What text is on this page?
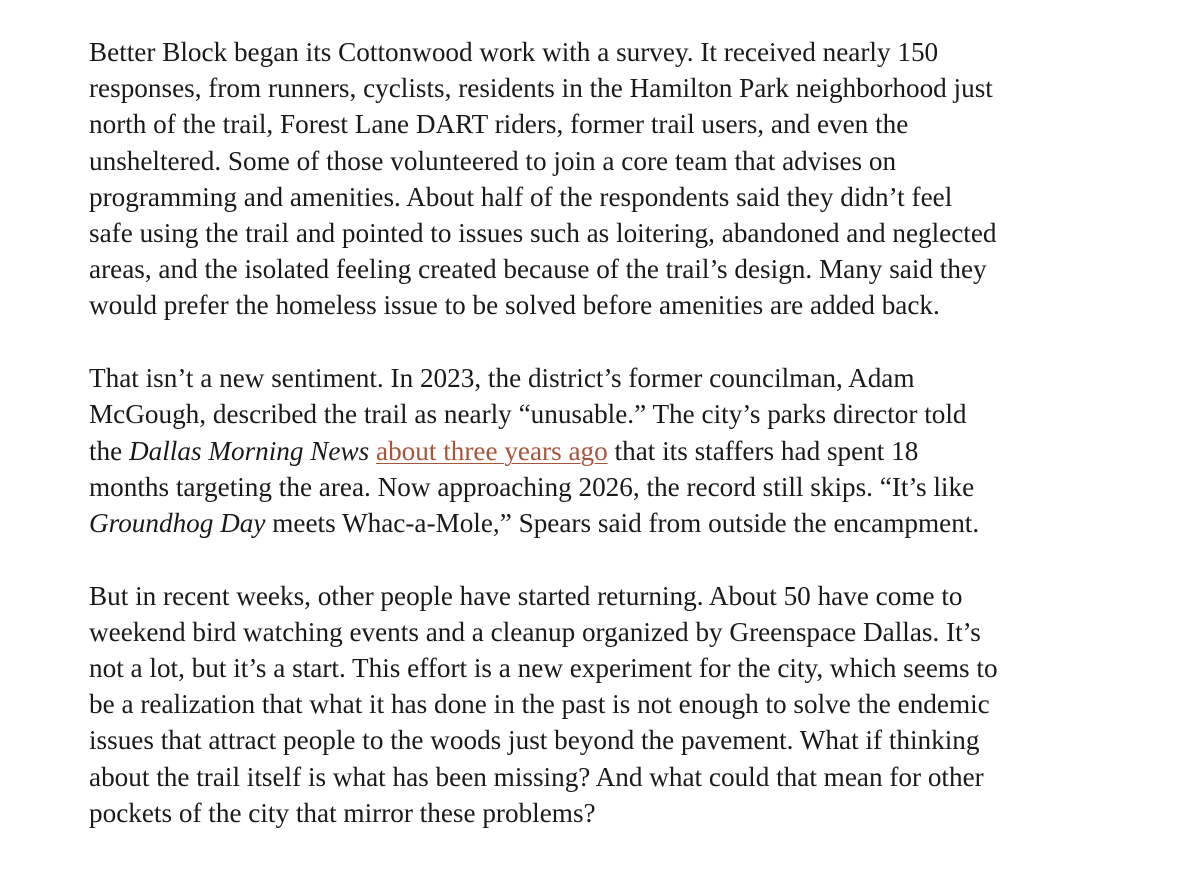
Better Block began its Cottonwood work with a survey. It received nearly 150
responses, from runners, cyclists, residents in the Hamilton Park neighborhood just
north of the trail, Forest Lane DART riders, former trail users, and even the
unsheltered. Some of those volunteered to join a core team that advises on
programming and amenities. About half of the respondents said they didn’t feel
safe using the trail and pointed to issues such as loitering, abandoned and neglected
areas, and the isolated feeling created because of the trail’s design. Many said they
would prefer the homeless issue to be solved before amenities are added back.

That isn’t a new sentiment. In 2023, the district’s former councilman, Adam
McGough, described the trail as nearly “unusable.” The city’s parks director told
the Dallas Morning News about three years ago that its staffers had spent 18
months targeting the area. Now approaching 2026, the record still skips. “It’s like
Groundhog Day meets Whac-a-Mole,” Spears said from outside the encampment.

But in recent weeks, other people have started returning. About 50 have come to
weekend bird watching events and a cleanup organized by Greenspace Dallas. It’s
not a lot, but it’s a start. This effort is a new experiment for the city, which seems to
be a realization that what it has done in the past is not enough to solve the endemic
issues that attract people to the woods just beyond the pavement. What if thinking
about the trail itself is what has been missing? And what could that mean for other
pockets of the city that mirror these problems?
